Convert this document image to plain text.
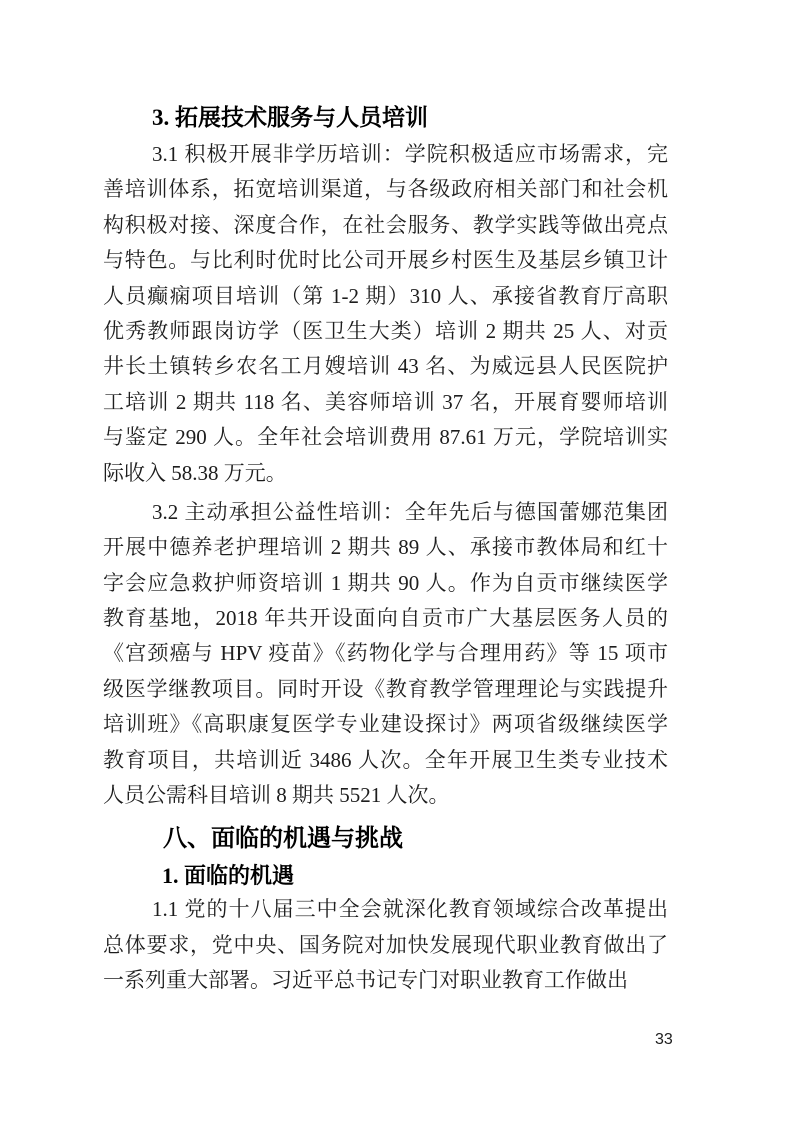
3. 拓展技术服务与人员培训
3.1 积极开展非学历培训：学院积极适应市场需求，完
善培训体系，拓宽培训渠道，与各级政府相关部门和社会机
构积极对接、深度合作，在社会服务、教学实践等做出亮点
与特色。与比利时优时比公司开展乡村医生及基层乡镇卫计
人员癫痫项目培训（第 1-2 期）310 人、承接省教育厅高职
优秀教师跟岗访学（医卫生大类）培训 2 期共 25 人、对贡
井长土镇转乡农名工月嫂培训 43 名、为威远县人民医院护
工培训 2 期共 118 名、美容师培训 37 名，开展育婴师培训
与鉴定 290 人。全年社会培训费用 87.61 万元，学院培训实
际收入 58.38 万元。
3.2 主动承担公益性培训：全年先后与德国蕾娜范集团
开展中德养老护理培训 2 期共 89 人、承接市教体局和红十
字会应急救护师资培训 1 期共 90 人。作为自贡市继续医学
教育基地，2018 年共开设面向自贡市广大基层医务人员的
《宫颈癌与 HPV 疫苗》《药物化学与合理用药》等 15 项市
级医学继教项目。同时开设《教育教学管理理论与实践提升
培训班》《高职康复医学专业建设探讨》两项省级继续医学
教育项目，共培训近 3486 人次。全年开展卫生类专业技术
人员公需科目培训 8 期共 5521 人次。
八、面临的机遇与挑战
1. 面临的机遇
1.1 党的十八届三中全会就深化教育领域综合改革提出
总体要求，党中央、国务院对加快发展现代职业教育做出了
一系列重大部署。习近平总书记专门对职业教育工作做出
33
